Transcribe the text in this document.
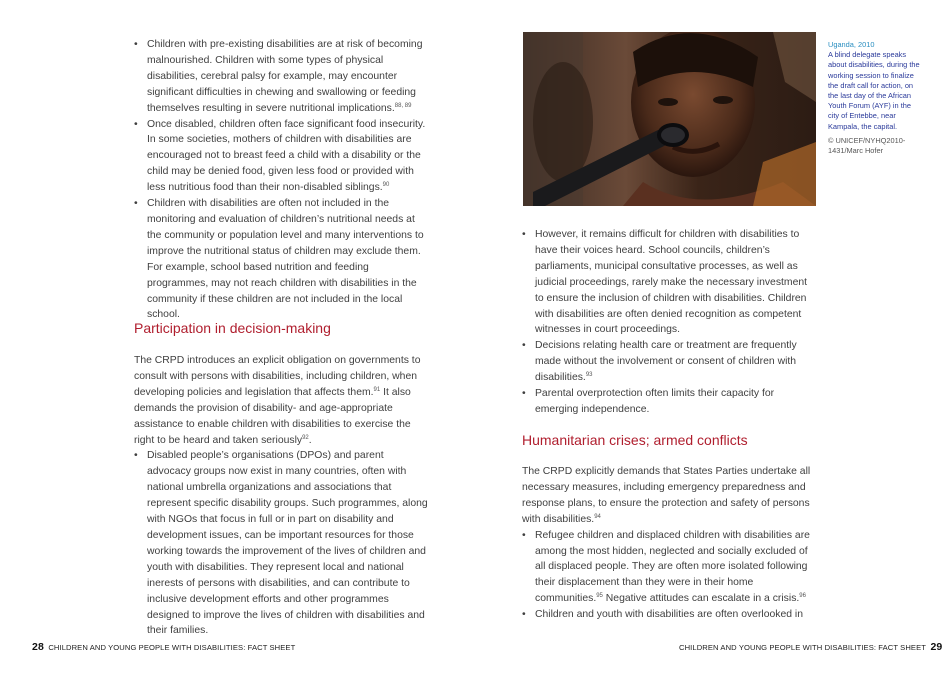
• Children with pre-existing disabilities are at risk of becoming malnourished. Children with some types of physical disabilities, cerebral palsy for example, may encounter significant difficulties in chewing and swallowing or feeding themselves resulting in severe nutritional implications.$^{88, 89}$
• Once disabled, children often face significant food insecurity. In some societies, mothers of children with disabilities are encouraged not to breast feed a child with a disability or the child may be denied food, given less food or provided with less nutritious food than their non-disabled siblings.$^{90}$
• Children with disabilities are often not included in the monitoring and evaluation of children’s nutritional needs at the community or population level and many interventions to improve the nutritional status of children may exclude them. For example, school based nutrition and feeding programmes, may not reach children with disabilities in the community if these children are not included in the local school.
Participation in decision-making

The CRPD introduces an explicit obligation on governments to consult with persons with disabilities, including children, when developing policies and legislation that affects them.$^{91}$ It also demands the provision of disability- and age-appropriate assistance to enable children with disabilities to exercise the right to be heard and taken seriously$^{92}$.

• Disabled people’s organisations (DPOs) and parent advocacy groups now exist in many countries, often with national umbrella organizations and associations that represent specific disability groups. Such programmes, along with NGOs that focus in full or in part on disability and development issues, can be important resources for those working towards the improvement of the lives of children and youth with disabilities. They represent local and national inerests of persons with disabilities, and can contribute to inclusive development efforts and other programmes designed to improve the lives of children with disabilities and their families.
28 CHILDREN AND YOUNG PEOPLE WITH DISABILITIES: FACT SHEET
Uganda, 2010
A blind delegate speaks about disabilities, during the working session to finalize the draft call for action, on the last day of the African Youth Forum (AYF) in the city of Entebbe, near Kampala, the capital.
© UNICEF/NYHQ2010-1431/Marc Hofer
• However, it remains difficult for children with disabilities to have their voices heard. School councils, children’s parliaments, municipal consultative processes, as well as judicial proceedings, rarely make the necessary investment to ensure the inclusion of children with disabilities. Children with disabilities are often denied recognition as competent witnesses in court proceedings.
• Decisions relating health care or treatment are frequently made without the involvement or consent of children with disabilities.$^{93}$
• Parental overprotection often limits their capacity for emerging independence.
Humanitarian crises; armed conflicts

The CRPD explicitly demands that States Parties undertake all necessary measures, including emergency preparedness and response plans, to ensure the protection and safety of persons with disabilities.$^{94}$

• Refugee children and displaced children with disabilities are among the most hidden, neglected and socially excluded of all displaced people. They are often more isolated following their displacement than they were in their home communities.$^{95}$ Negative attitudes can escalate in a crisis.$^{96}$
• Children and youth with disabilities are often overlooked in
CHILDREN AND YOUNG PEOPLE WITH DISABILITIES: FACT SHEET 29
